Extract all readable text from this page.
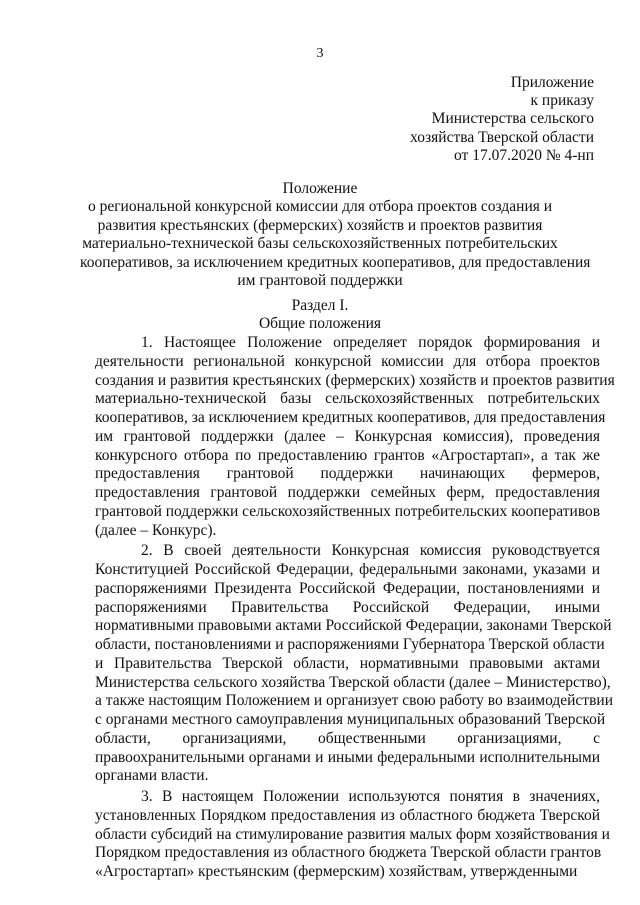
3
Приложение
к приказу
Министерства сельского
хозяйства Тверской области
от 17.07.2020 № 4-нп
Положение
о региональной конкурсной комиссии для отбора проектов создания и
развития крестьянских (фермерских) хозяйств и проектов развития
материально-технической базы сельскохозяйственных потребительских
кооперативов, за исключением кредитных кооперативов, для предоставления
им грантовой поддержки
Раздел I.
Общие положения
1. Настоящее Положение определяет порядок формирования и
деятельности региональной конкурсной комиссии для отбора проектов
создания и развития крестьянских (фермерских) хозяйств и проектов развития
материально-технической базы сельскохозяйственных потребительских
кооперативов, за исключением кредитных кооперативов, для предоставления
им грантовой поддержки (далее – Конкурсная комиссия), проведения
конкурсного отбора по предоставлению грантов «Агростартап», а так же
предоставления грантовой поддержки начинающих фермеров,
предоставления грантовой поддержки семейных ферм, предоставления
грантовой поддержки сельскохозяйственных потребительских кооперативов
(далее – Конкурс).
2. В своей деятельности Конкурсная комиссия руководствуется
Конституцией Российской Федерации, федеральными законами, указами и
распоряжениями Президента Российской Федерации, постановлениями и
распоряжениями Правительства Российской Федерации, иными
нормативными правовыми актами Российской Федерации, законами Тверской
области, постановлениями и распоряжениями Губернатора Тверской области
и Правительства Тверской области, нормативными правовыми актами
Министерства сельского хозяйства Тверской области (далее – Министерство),
а также настоящим Положением и организует свою работу во взаимодействии
с органами местного самоуправления муниципальных образований Тверской
области, организациями, общественными организациями, с
правоохранительными органами и иными федеральными исполнительными
органами власти.
3. В настоящем Положении используются понятия в значениях,
установленных Порядком предоставления из областного бюджета Тверской
области субсидий на стимулирование развития малых форм хозяйствования и
Порядком предоставления из областного бюджета Тверской области грантов
«Агростартап» крестьянским (фермерским) хозяйствам, утвержденными
